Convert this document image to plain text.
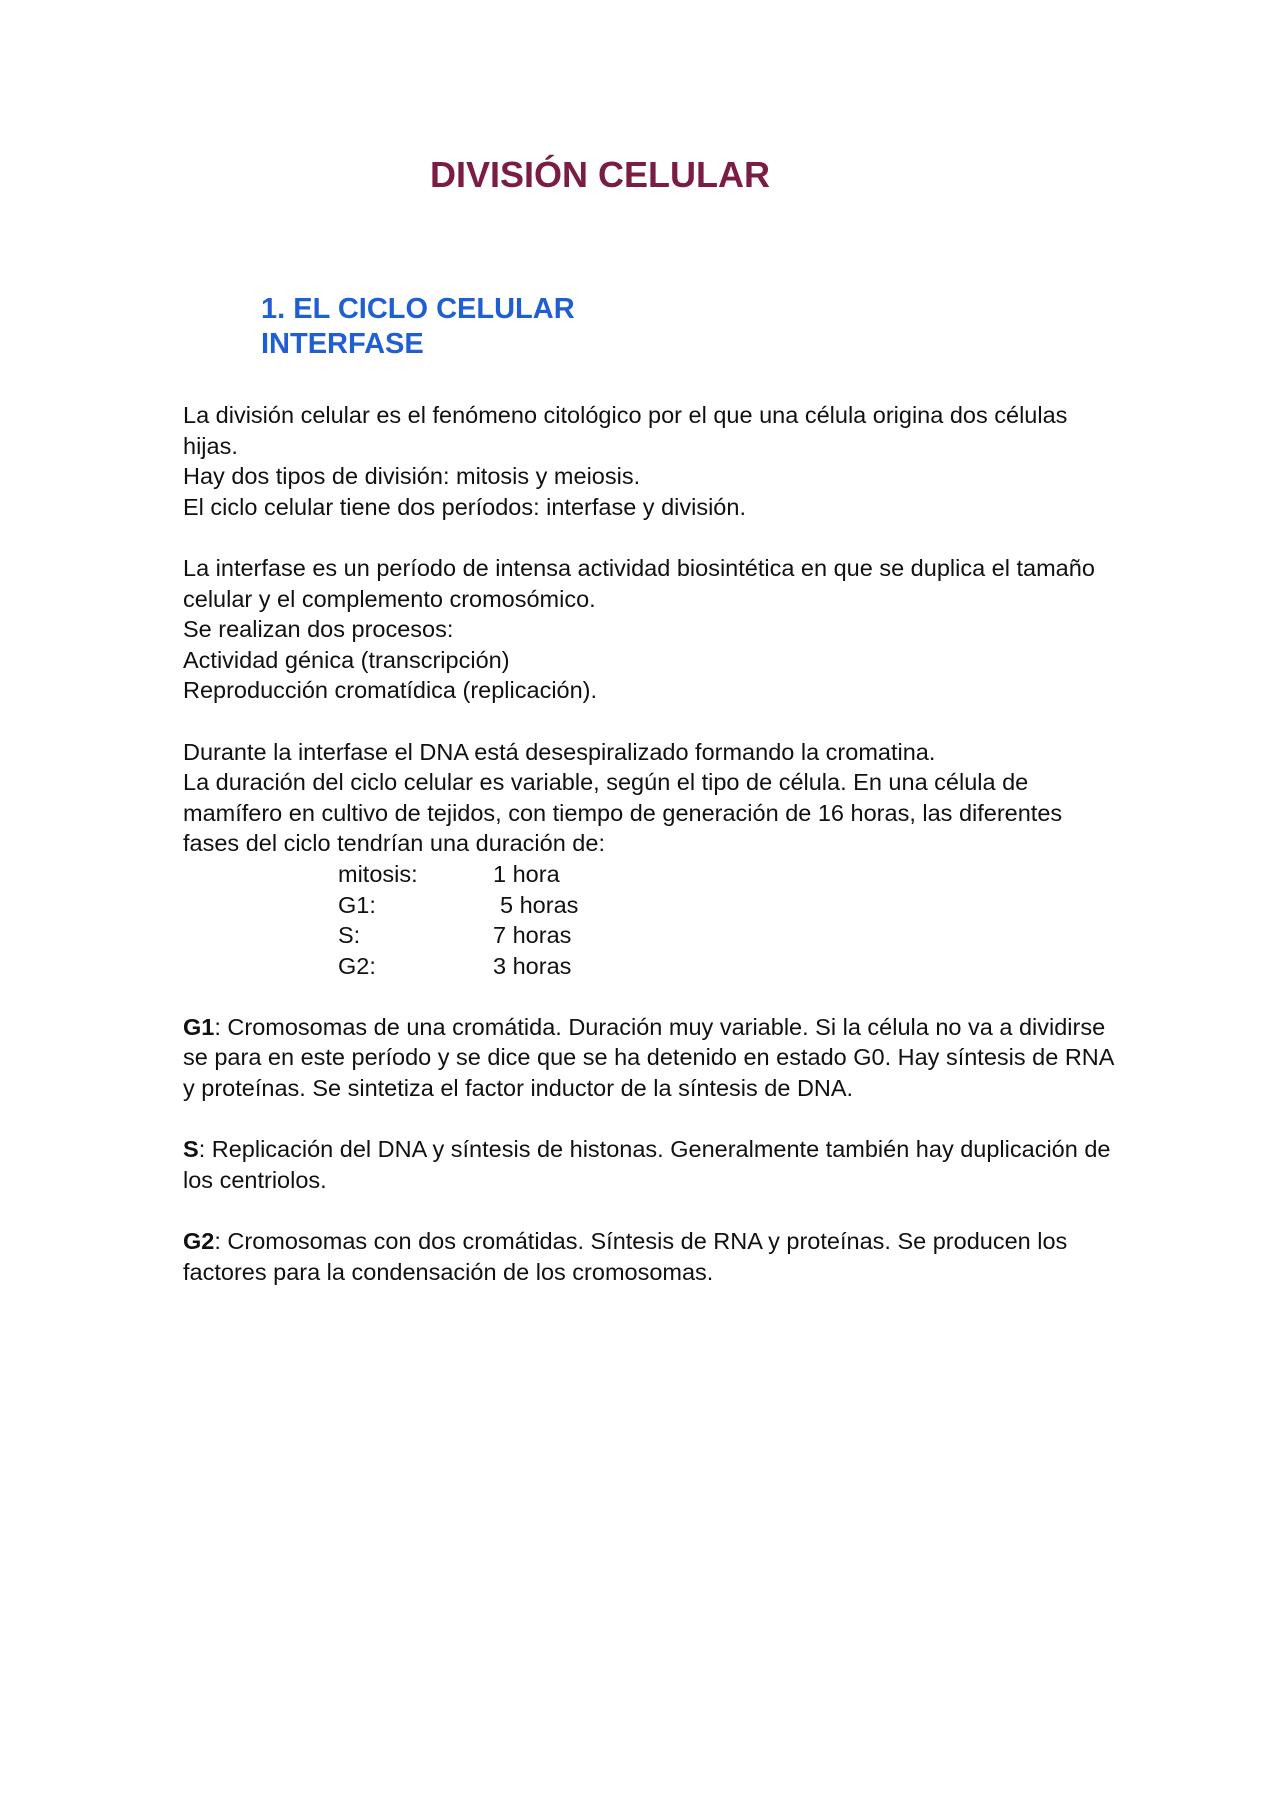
DIVISIÓN CELULAR
1. EL CICLO CELULAR
INTERFASE

La división celular es el fenómeno citológico por el que una célula origina dos células hijas.
Hay dos tipos de división: mitosis y meiosis.
El ciclo celular tiene dos períodos: interfase y división.

La interfase es un período de intensa actividad biosintética en que se duplica el tamaño celular y el complemento cromosómico.
Se realizan dos procesos:
Actividad génica (transcripción)
Reproducción cromatídica (replicación).

Durante la interfase el DNA está desespiralizado formando la cromatina.
La duración del ciclo celular es variable, según el tipo de célula. En una célula de mamífero en cultivo de tejidos, con tiempo de generación de 16 horas, las diferentes fases del ciclo tendrían una duración de:
mitosis:	1 hora
G1:	5 horas
S:	7 horas
G2:	3 horas

G1: Cromosomas de una cromátida. Duración muy variable. Si la célula no va a dividirse se para en este período y se dice que se ha detenido en estado G0. Hay síntesis de RNA y proteínas. Se sintetiza el factor inductor de la síntesis de DNA.

S: Replicación del DNA y síntesis de histonas. Generalmente también hay duplicación de los centriolos.

G2: Cromosomas con dos cromátidas. Síntesis de RNA y proteínas. Se producen los factores para la condensación de los cromosomas.
